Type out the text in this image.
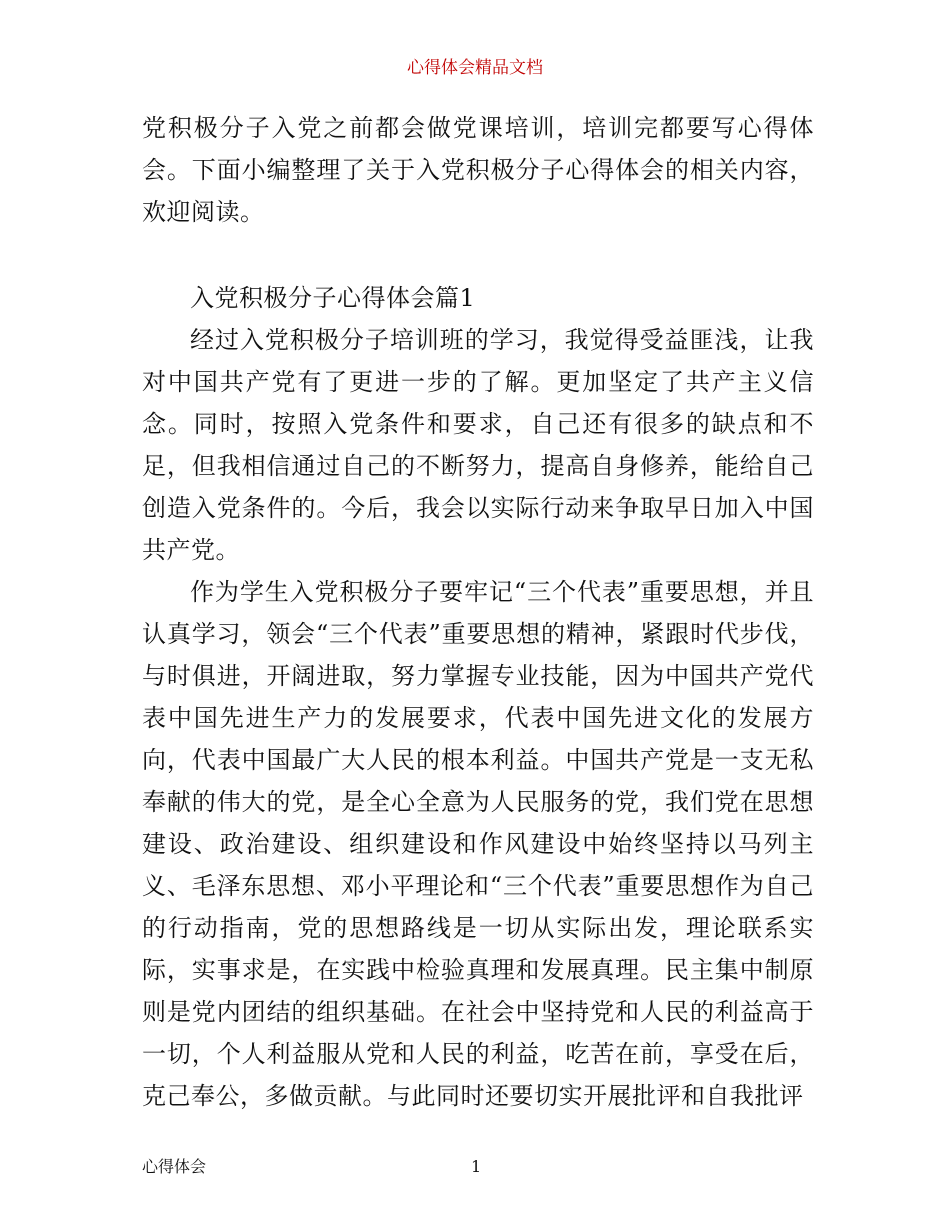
心得体会精品文档

党积极分子入党之前都会做党课培训，培训完都要写心得体会。下面小编整理了关于入党积极分子心得体会的相关内容，欢迎阅读。

入党积极分子心得体会篇1

经过入党积极分子培训班的学习，我觉得受益匪浅，让我对中国共产党有了更进一步的了解。更加坚定了共产主义信念。同时，按照入党条件和要求，自己还有很多的缺点和不足，但我相信通过自己的不断努力，提高自身修养，能给自己创造入党条件的。今后，我会以实际行动来争取早日加入中国共产党。

作为学生入党积极分子要牢记“三个代表”重要思想，并且认真学习，领会“三个代表”重要思想的精神，紧跟时代步伐，与时俱进，开阔进取，努力掌握专业技能，因为中国共产党代表中国先进生产力的发展要求，代表中国先进文化的发展方向，代表中国最广大人民的根本利益。中国共产党是一支无私奉献的伟大的党，是全心全意为人民服务的党，我们党在思想建设、政治建设、组织建设和作风建设中始终坚持以马列主义、毛泽东思想、邓小平理论和“三个代表”重要思想作为自己的行动指南，党的思想路线是一切从实际出发，理论联系实际，实事求是，在实践中检验真理和发展真理。民主集中制原则是党内团结的组织基础。在社会中坚持党和人民的利益高于一切，个人利益服从党和人民的利益，吃苦在前，享受在后，克己奉公，多做贡献。与此同时还要切实开展批评和自我批评

心得体会	1
